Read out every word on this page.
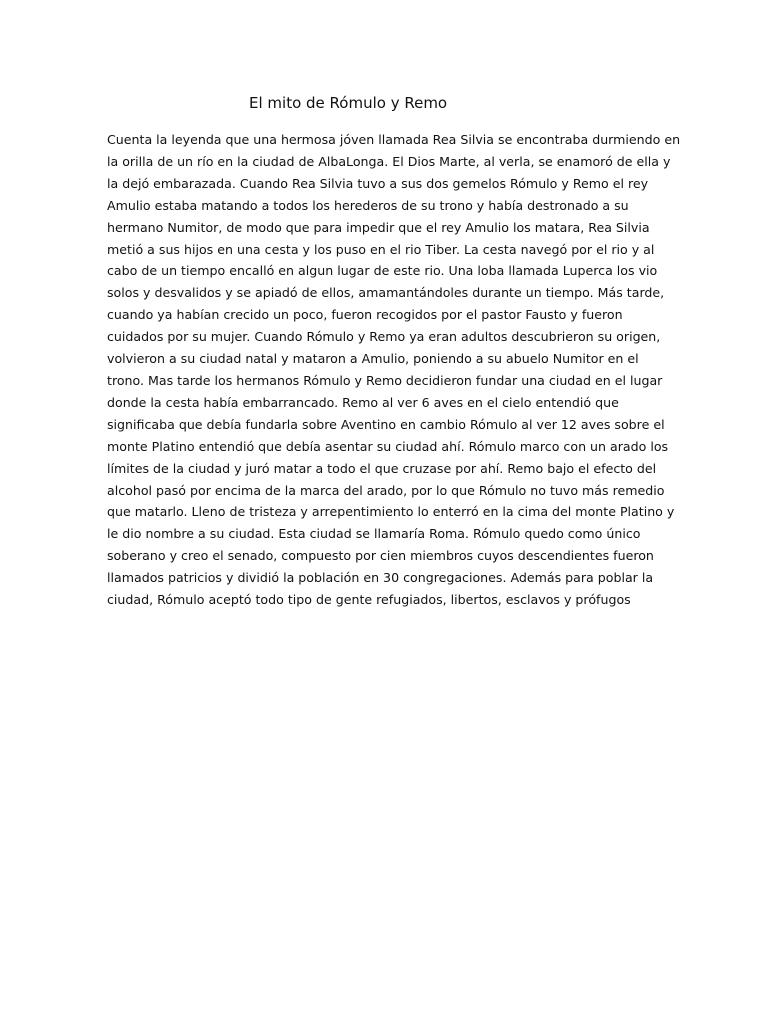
El mito de Rómulo y Remo
Cuenta la leyenda que una hermosa jóven llamada Rea Silvia se encontraba durmiendo en
la orilla de un río en la ciudad de AlbaLonga. El Dios Marte, al verla, se enamoró de ella y
la dejó embarazada. Cuando Rea Silvia tuvo a sus dos gemelos Rómulo y Remo el rey
Amulio estaba matando a todos los herederos de su trono y había destronado a su
hermano Numitor, de modo que para impedir que el rey Amulio los matara, Rea Silvia
metió a sus hijos en una cesta y los puso en el rio Tiber. La cesta navegó por el rio y al
cabo de un tiempo encalló en algun lugar de este rio. Una loba llamada Luperca los vio
solos y desvalidos y se apiadó de ellos, amamantándoles durante un tiempo. Más tarde,
cuando ya habían crecido un poco, fueron recogidos por el pastor Fausto y fueron
cuidados por su mujer. Cuando Rómulo y Remo ya eran adultos descubrieron su origen,
volvieron a su ciudad natal y mataron a Amulio, poniendo a su abuelo Numitor en el
trono. Mas tarde los hermanos Rómulo y Remo decidieron fundar una ciudad en el lugar
donde la cesta había embarrancado. Remo al ver 6 aves en el cielo entendió que
significaba que debía fundarla sobre Aventino en cambio Rómulo al ver 12 aves sobre el
monte Platino entendió que debía asentar su ciudad ahí. Rómulo marco con un arado los
límites de la ciudad y juró matar a todo el que cruzase por ahí. Remo bajo el efecto del
alcohol pasó por encima de la marca del arado, por lo que Rómulo no tuvo más remedio
que matarlo. Lleno de tristeza y arrepentimiento lo enterró en la cima del monte Platino y
le dio nombre a su ciudad. Esta ciudad se llamaría Roma. Rómulo quedo como único
soberano y creo el senado, compuesto por cien miembros cuyos descendientes fueron
llamados patricios y dividió la población en 30 congregaciones. Además para poblar la
ciudad, Rómulo aceptó todo tipo de gente refugiados, libertos, esclavos y prófugos
